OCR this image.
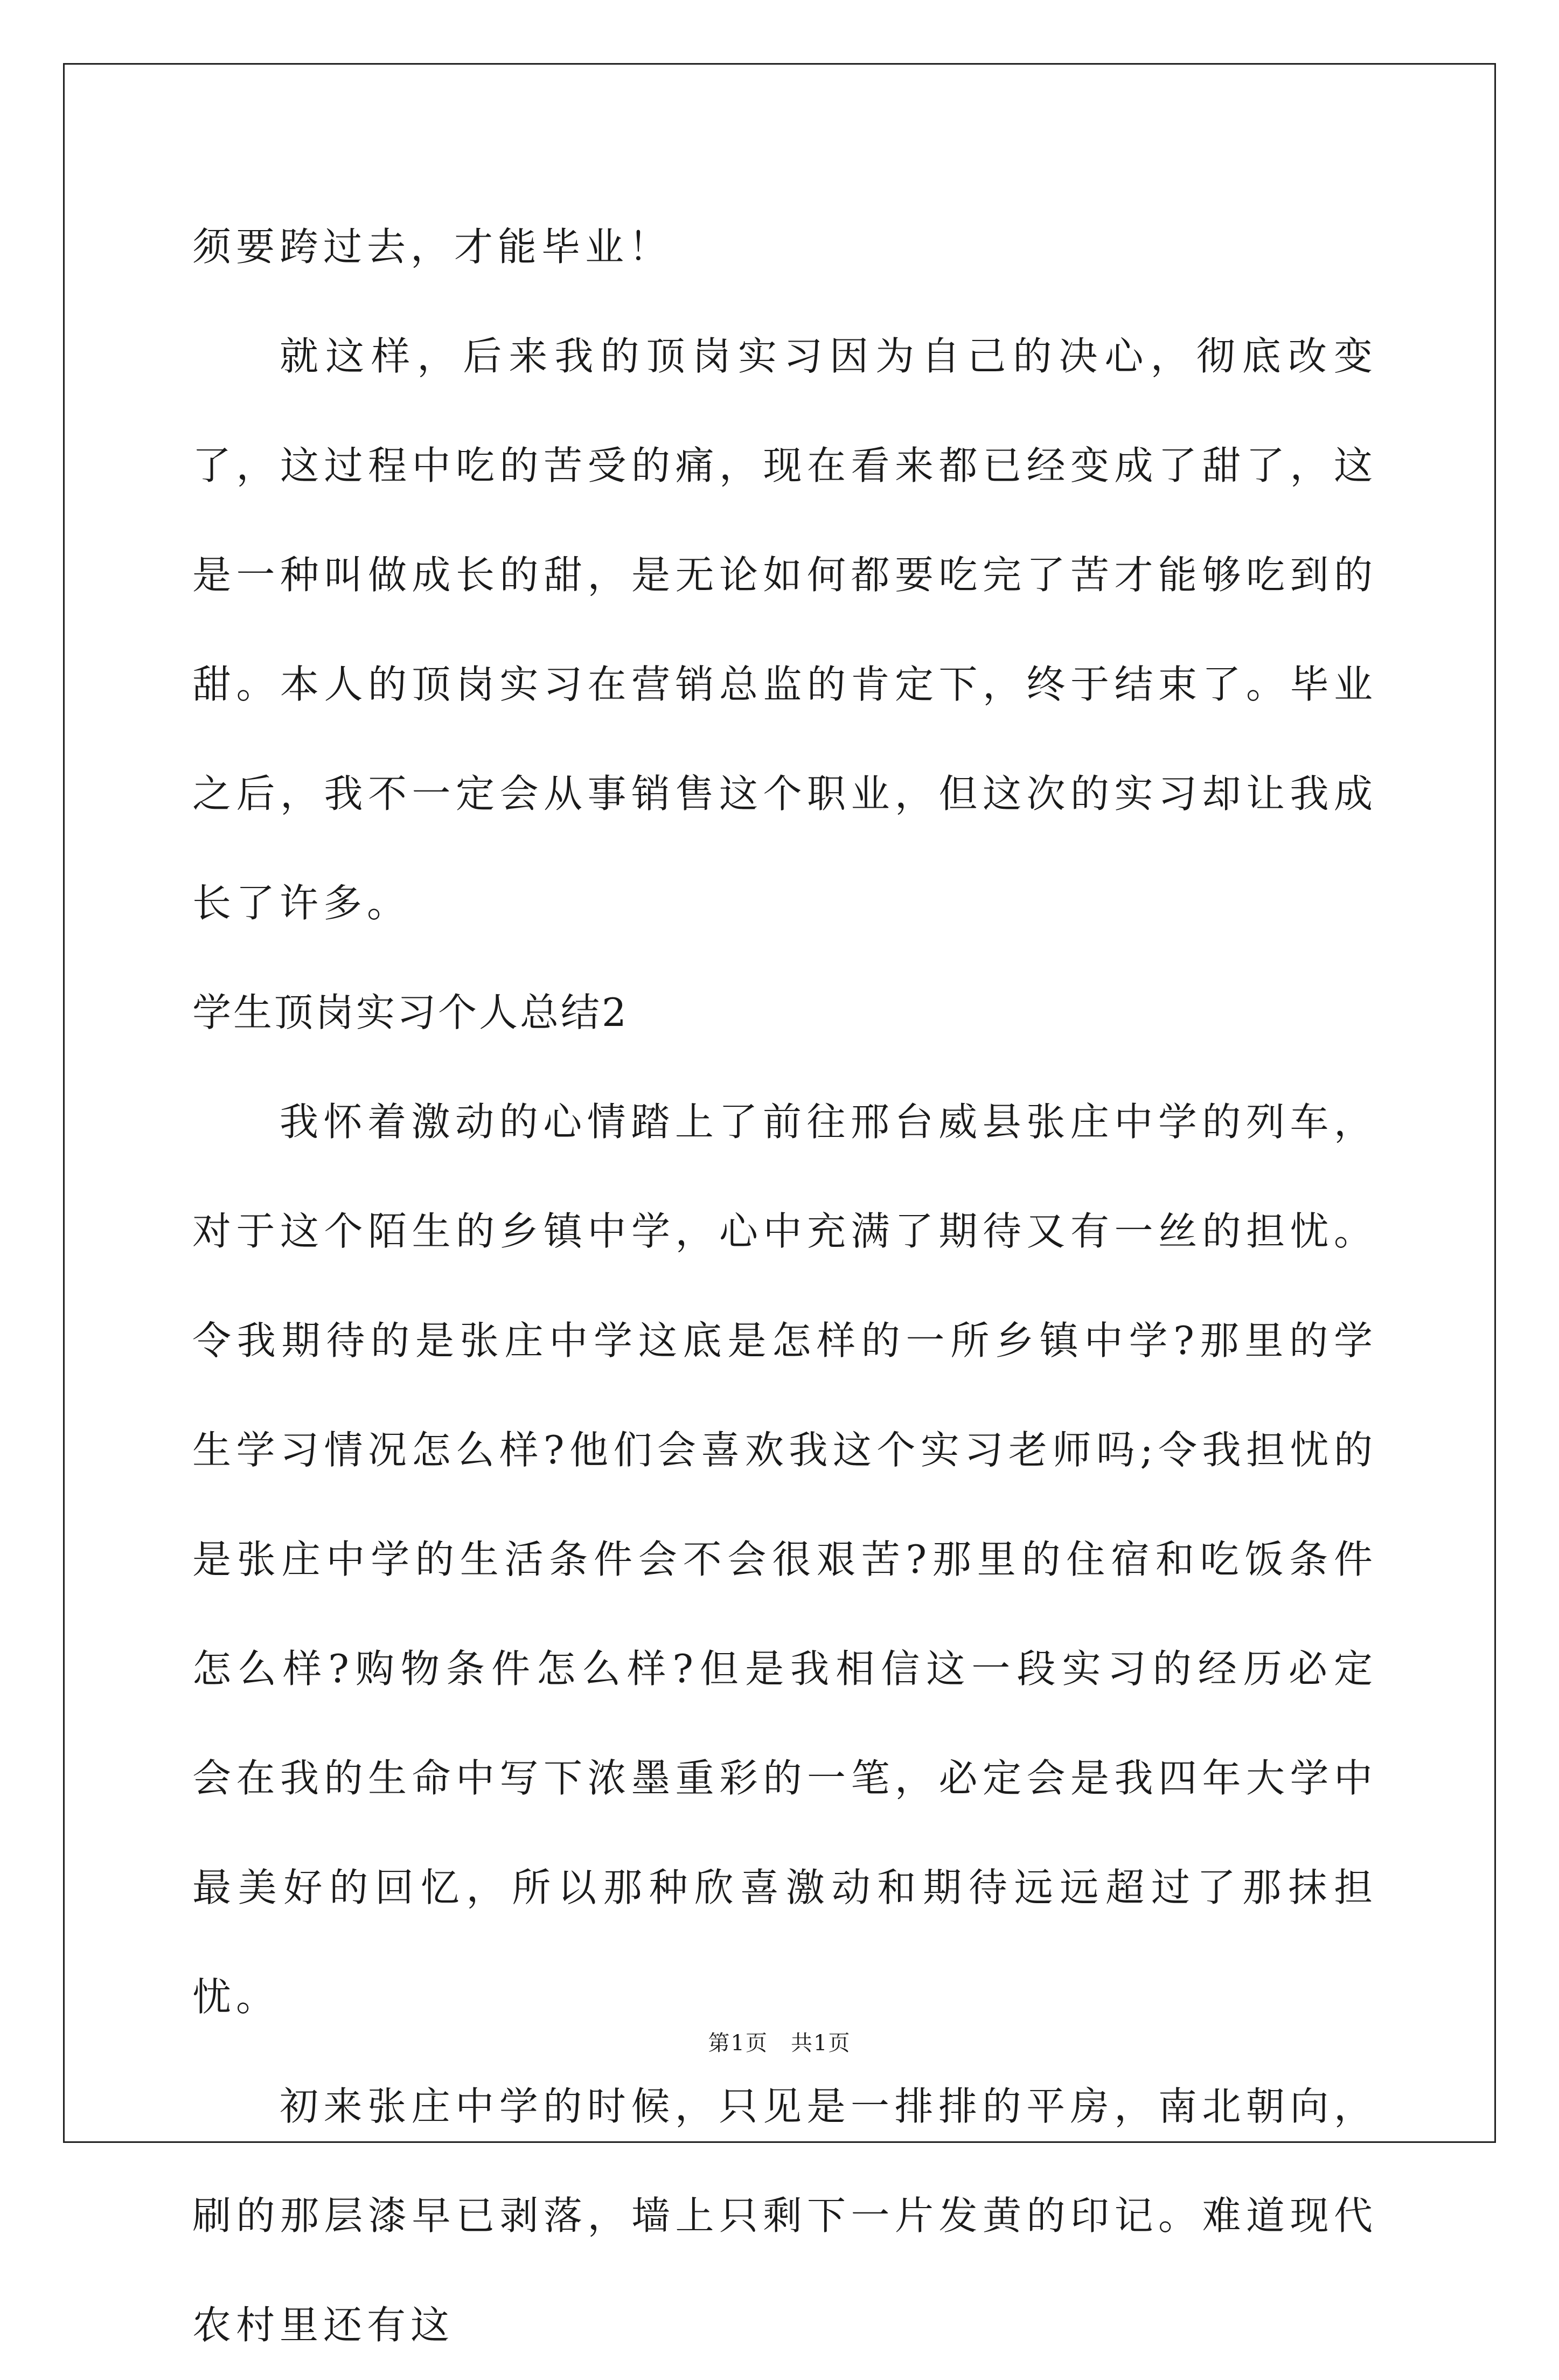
须要跨过去，才能毕业！

就这样，后来我的顶岗实习因为自己的决心，彻底改变了，这过程中吃的苦受的痛，现在看来都已经变成了甜了，这是一种叫做成长的甜，是无论如何都要吃完了苦才能够吃到的甜。本人的顶岗实习在营销总监的肯定下，终于结束了。毕业之后，我不一定会从事销售这个职业，但这次的实习却让我成长了许多。

学生顶岗实习个人总结2

我怀着激动的心情踏上了前往邢台威县张庄中学的列车，对于这个陌生的乡镇中学，心中充满了期待又有一丝的担忧。令我期待的是张庄中学这底是怎样的一所乡镇中学?那里的学生学习情况怎么样?他们会喜欢我这个实习老师吗;令我担忧的是张庄中学的生活条件会不会很艰苦?那里的住宿和吃饭条件怎么样?购物条件怎么样?但是我相信这一段实习的经历必定会在我的生命中写下浓墨重彩的一笔，必定会是我四年大学中最美好的回忆，所以那种欣喜激动和期待远远超过了那抹担忧。

初来张庄中学的时候，只见是一排排的平房，南北朝向，刷的那层漆早已剥落，墙上只剩下一片发黄的印记。难道现代农村里还有这

第1页　共1页
